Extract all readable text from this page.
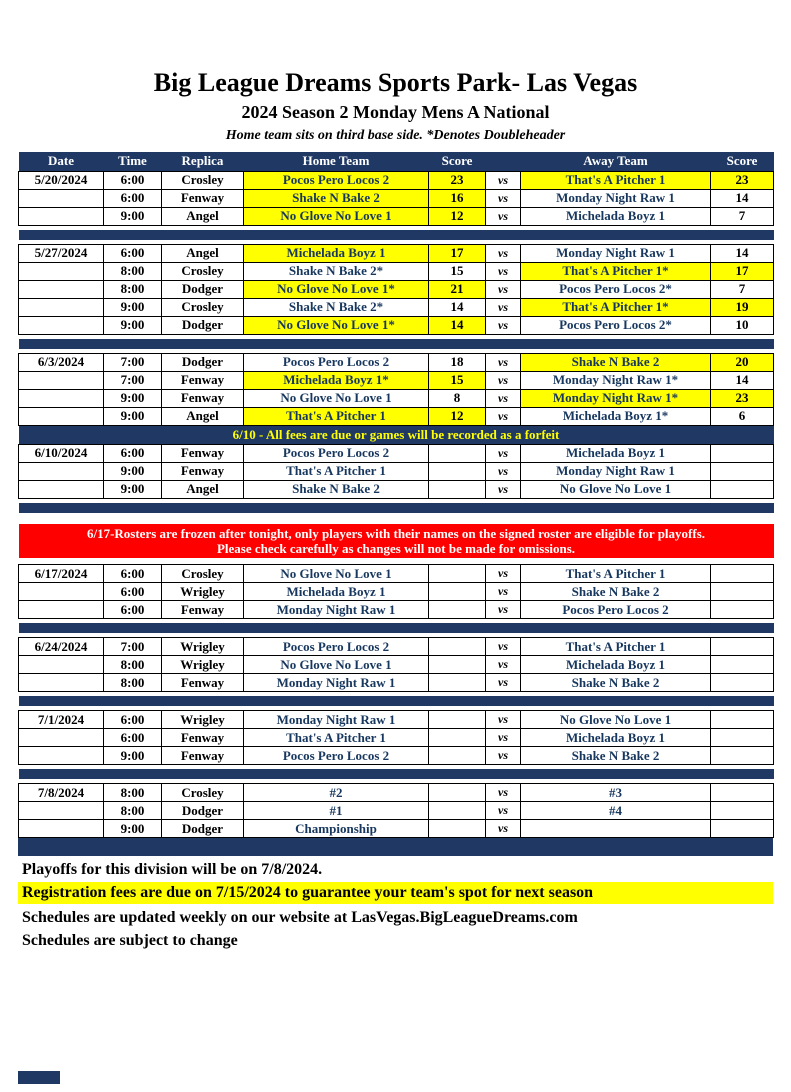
Big League Dreams Sports Park- Las Vegas
2024 Season 2 Monday Mens A National
Home team sits on third base side. *Denotes Doubleheader
Date	Time	Replica	Home Team	Score		Away Team	Score
5/20/2024	6:00	Crosley	Pocos Pero Locos 2	23	vs	That's A Pitcher 1	23
	6:00	Fenway	Shake N Bake 2	16	vs	Monday Night Raw 1	14
	9:00	Angel	No Glove No Love 1	12	vs	Michelada Boyz 1	7

5/27/2024	6:00	Angel	Michelada Boyz 1	17	vs	Monday Night Raw 1	14
	8:00	Crosley	Shake N Bake 2*	15	vs	That's A Pitcher 1*	17
	8:00	Dodger	No Glove No Love 1*	21	vs	Pocos Pero Locos 2*	7
	9:00	Crosley	Shake N Bake 2*	14	vs	That's A Pitcher 1*	19
	9:00	Dodger	No Glove No Love 1*	14	vs	Pocos Pero Locos 2*	10

6/3/2024	7:00	Dodger	Pocos Pero Locos 2	18	vs	Shake N Bake 2	20
	7:00	Fenway	Michelada Boyz 1*	15	vs	Monday Night Raw 1*	14
	9:00	Fenway	No Glove No Love 1	8	vs	Monday Night Raw 1*	23
	9:00	Angel	That's A Pitcher 1	12	vs	Michelada Boyz 1*	6
6/10 - All fees are due or games will be recorded as a forfeit							
6/10/2024	6:00	Fenway	Pocos Pero Locos 2		vs	Michelada Boyz 1	
	9:00	Fenway	That's A Pitcher 1		vs	Monday Night Raw 1	
	9:00	Angel	Shake N Bake 2		vs	No Glove No Love 1	

6/17-Rosters are frozen after tonight, only players with their names on the signed roster are eligible for playoffs.
Please check carefully as changes will not be made for omissions.							

6/17/2024	6:00	Crosley	No Glove No Love 1		vs	That's A Pitcher 1	
	6:00	Wrigley	Michelada Boyz 1		vs	Shake N Bake 2	
	6:00	Fenway	Monday Night Raw 1		vs	Pocos Pero Locos 2	

6/24/2024	7:00	Wrigley	Pocos Pero Locos 2		vs	That's A Pitcher 1	
	8:00	Wrigley	No Glove No Love 1		vs	Michelada Boyz 1	
	8:00	Fenway	Monday Night Raw 1		vs	Shake N Bake 2	

7/1/2024	6:00	Wrigley	Monday Night Raw 1		vs	No Glove No Love 1	
	6:00	Fenway	That's A Pitcher 1		vs	Michelada Boyz 1	
	9:00	Fenway	Pocos Pero Locos 2		vs	Shake N Bake 2	

7/8/2024	8:00	Crosley	#2		vs	#3	
	8:00	Dodger	#1		vs	#4	
	9:00	Dodger	Championship		vs		
Playoffs for this division will be on 7/8/2024.
Registration fees are due on 7/15/2024 to guarantee your team's spot for next season
Schedules are updated weekly on our website at LasVegas.BigLeagueDreams.com
Schedules are subject to change
